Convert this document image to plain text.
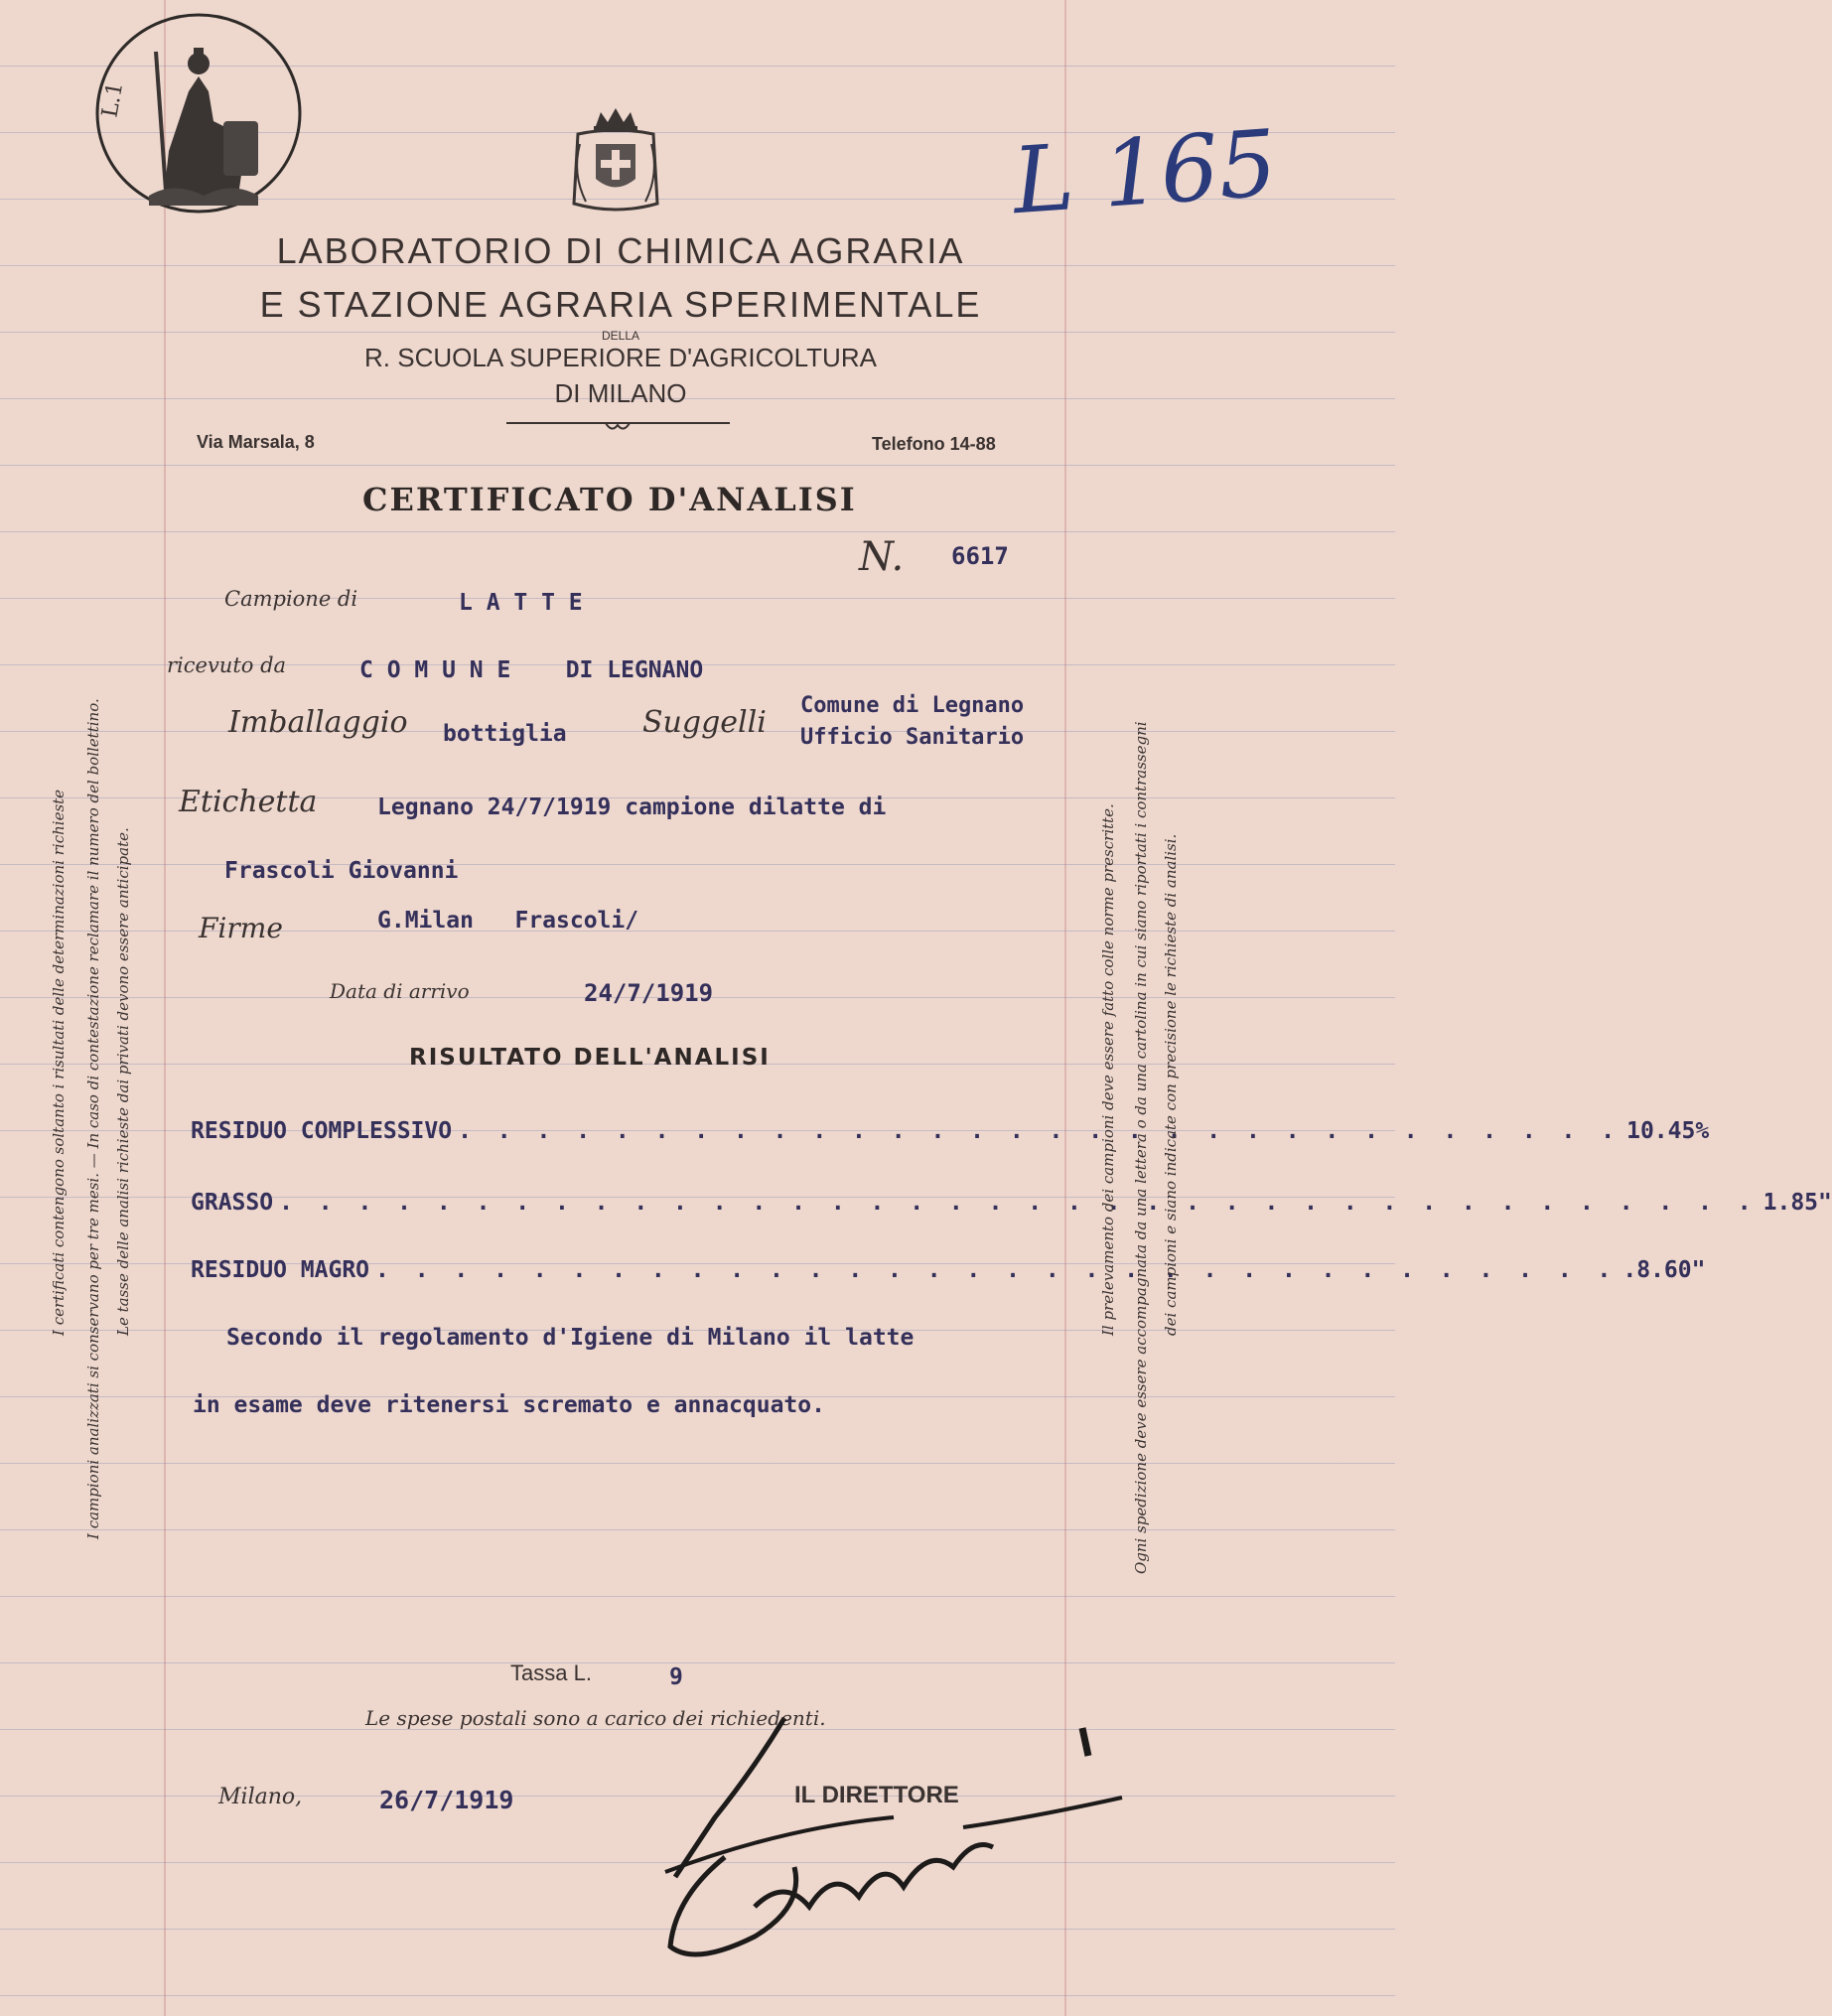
L.1
L 165
LABORATORIO DI CHIMICA AGRARIA
E STAZIONE AGRARIA SPERIMENTALE
DELLA
R. SCUOLA SUPERIORE D'AGRICOLTURA
DI MILANO
Via Marsala, 8	Telefono 14-88
CERTIFICATO D'ANALISI
N. 6617
Campione di	L A T T E
ricevuto da	C O M U N E    DI LEGNANO
Imballaggio bottiglia	Suggelli Comune di Legnano
Ufficio Sanitario
Etichetta	Legnano 24/7/1919 campione dilatte di
Frascoli Giovanni
Firme	G.Milan   Frascoli/
Data di arrivo	24/7/1919
RISULTATO DELL'ANALISI
RESIDUO COMPLESSIVO . . . . . . . . . . . . . . . . . . . . . . . . . . . . . . 10.45%
GRASSO . . . . . . . . . . . . . . . . . . . . . . . . . . . . . . . . . . . . . . 1.85"
RESIDUO MAGRO . . . . . . . . . . . . . . . . . . . . . . . . . . . . . . . . .8.60"
Secondo il regolamento d'Igiene di Milano il latte
in esame deve ritenersi scremato e annacquato.
Tassa L.	9
Le spese postali sono a carico dei richiedenti.
Milano,	26/7/1919	IL DIRETTORE
I campioni analizzati si conservano per tre mesi. — In caso di contestazione reclamare il numero del bollettino.
I certificati contengono soltanto i risultati delle determinazioni richieste	Le tasse delle analisi richieste dai privati devono essere anticipate.	Il prelevamento dei campioni deve essere fatto colle norme prescritte. Ogni spedizione deve essere accompagnata da una lettera o da una cartolina in cui siano riportati i contrassegni dei campioni e siano indicate con precisione le richieste di analisi.
